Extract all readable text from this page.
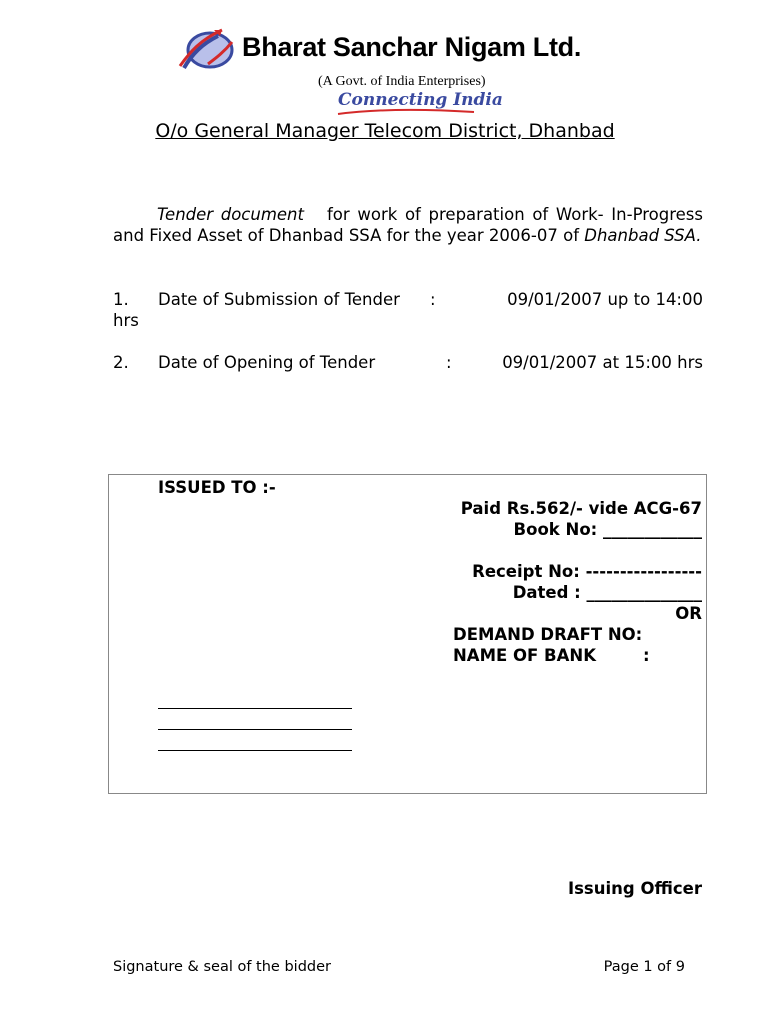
Bharat Sanchar Nigam Ltd.
(A Govt. of India Enterprises)
Connecting India
O/o General Manager Telecom District, Dhanbad
Tender document for work of preparation of Work- In-Progress and Fixed Asset of Dhanbad SSA for the year 2006-07 of Dhanbad SSA.
1. Date of Submission of Tender :	09/01/2007 up to 14:00
hrs
2. Date of Opening of Tender	:	09/01/2007 at 15:00 hrs
ISSUED TO :-
Paid Rs.562/- vide ACG-67
Book No: ____________
Receipt No: -----------------
Dated : ______________
OR
DEMAND DRAFT NO:
NAME OF BANK	:
Issuing Officer
Signature & seal of the bidder	Page 1 of 9
